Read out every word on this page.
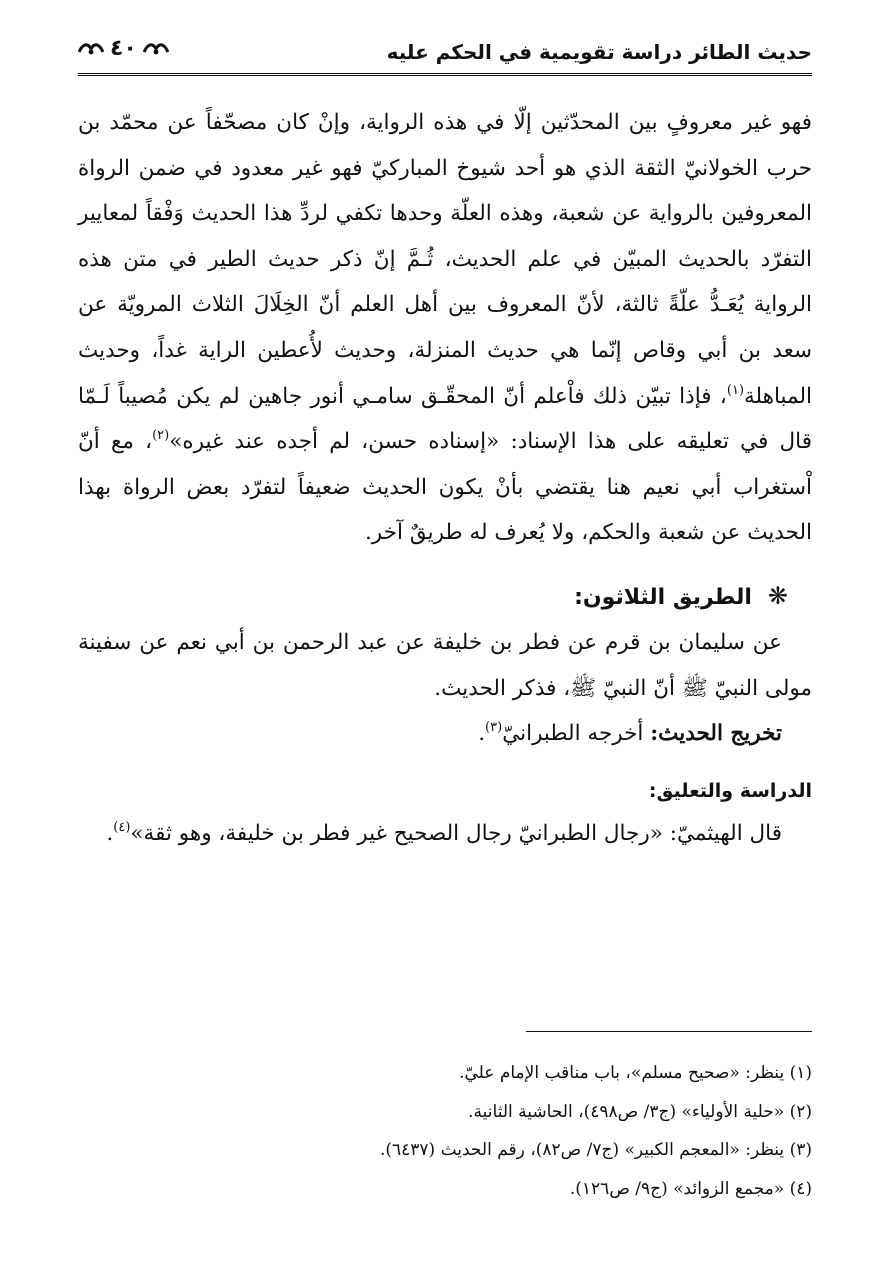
حديث الطائر دراسة تقويمية في الحكم عليه
٤٠

فهو غير معروفٍ بين المحدّثين إلّا في هذه الرواية، وإنْ كان مصحّفاً عن محمّد بن حرب الخولانيّ الثقة الذي هو أحد شيوخ المباركيّ فهو غير معدود في ضمن الرواة المعروفين بالرواية عن شعبة، وهذه العلّة وحدها تكفي لردِّ هذا الحديث وَفْقاً لمعايير التفرّد بالحديث المبيّن في علم الحديث، ثُـمَّ إنّ ذكر حديث الطير في متن هذه الرواية يُعَـدُّ علّةً ثالثة، لأنّ المعروف بين أهل العلم أنّ الخِلَالَ الثلاث المرويّة عن سعد بن أبي وقاص إنّما هي حديث المنزلة، وحديث لأُعطين الراية غداً، وحديث المباهلة$^{(١)}$، فإذا تبيّن ذلك فاْعلم أنّ المحقّـق سامـي أنور جاهين لم يكن مُصيباً لَـمّا قال في تعليقه على هذا الإسناد: «إسناده حسن، لم أجده عند غيره»$^{(٢)}$، مع أنّ اْستغراب أبي نعيم هنا يقتضي بأنْ يكون الحديث ضعيفاً لتفرّد بعض الرواة بهذا الحديث عن شعبة والحكم، ولا يُعرف له طريقٌ آخر.

❋الطريق الثلاثون:

عن سليمان بن قرم عن فطر بن خليفة عن عبد الرحمن بن أبي نعم عن سفينة مولى النبيّ ﷺ أنّ النبيّ ﷺ، فذكر الحديث.

تخريج الحديث: أخرجه الطبرانيّ$^{(٣)}$.

الدراسة والتعليق:

قال الهيثميّ: «رجال الطبرانيّ رجال الصحيح غير فطر بن خليفة، وهو ثقة»$^{(٤)}$.

(١) ينظر: «صحيح مسلم»، باب مناقب الإمام عليّ.

(٢) «حلية الأولياء» (ج٣/ ص٤٩٨)، الحاشية الثانية.

(٣) ينظر: «المعجم الكبير» (ج٧/ ص٨٢)، رقم الحديث (٦٤٣٧).

(٤) «مجمع الزوائد» (ج٩/ ص١٢٦).
